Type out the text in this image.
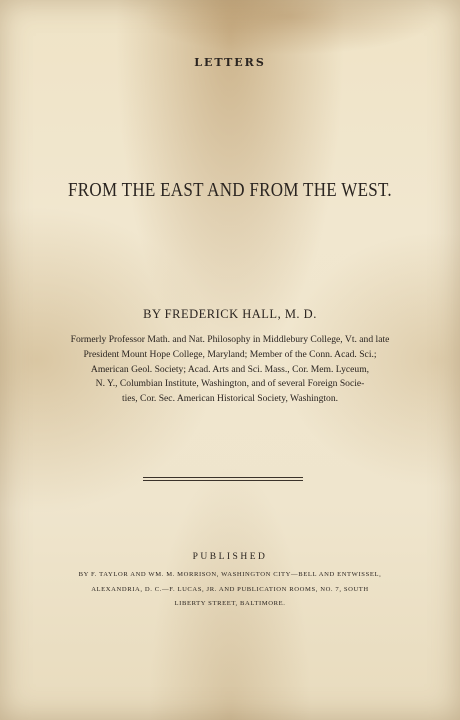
LETTERS
FROM THE EAST AND FROM THE WEST.
BY FREDERICK HALL, M. D.
Formerly Professor Math. and Nat. Philosophy in Middlebury College, Vt. and late
President Mount Hope College, Maryland; Member of the Conn. Acad. Sci.;
American Geol. Society; Acad. Arts and Sci. Mass., Cor. Mem. Lyceum,
N. Y., Columbian Institute, Washington, and of several Foreign Socie-
ties, Cor. Sec. American Historical Society, Washington.
PUBLISHED
BY F. TAYLOR AND WM. M. MORRISON, WASHINGTON CITY—BELL AND ENTWISSEL,
ALEXANDRIA, D. C.—F. LUCAS, JR. AND PUBLICATION ROOMS, NO. 7, SOUTH
LIBERTY STREET, BALTIMORE.
